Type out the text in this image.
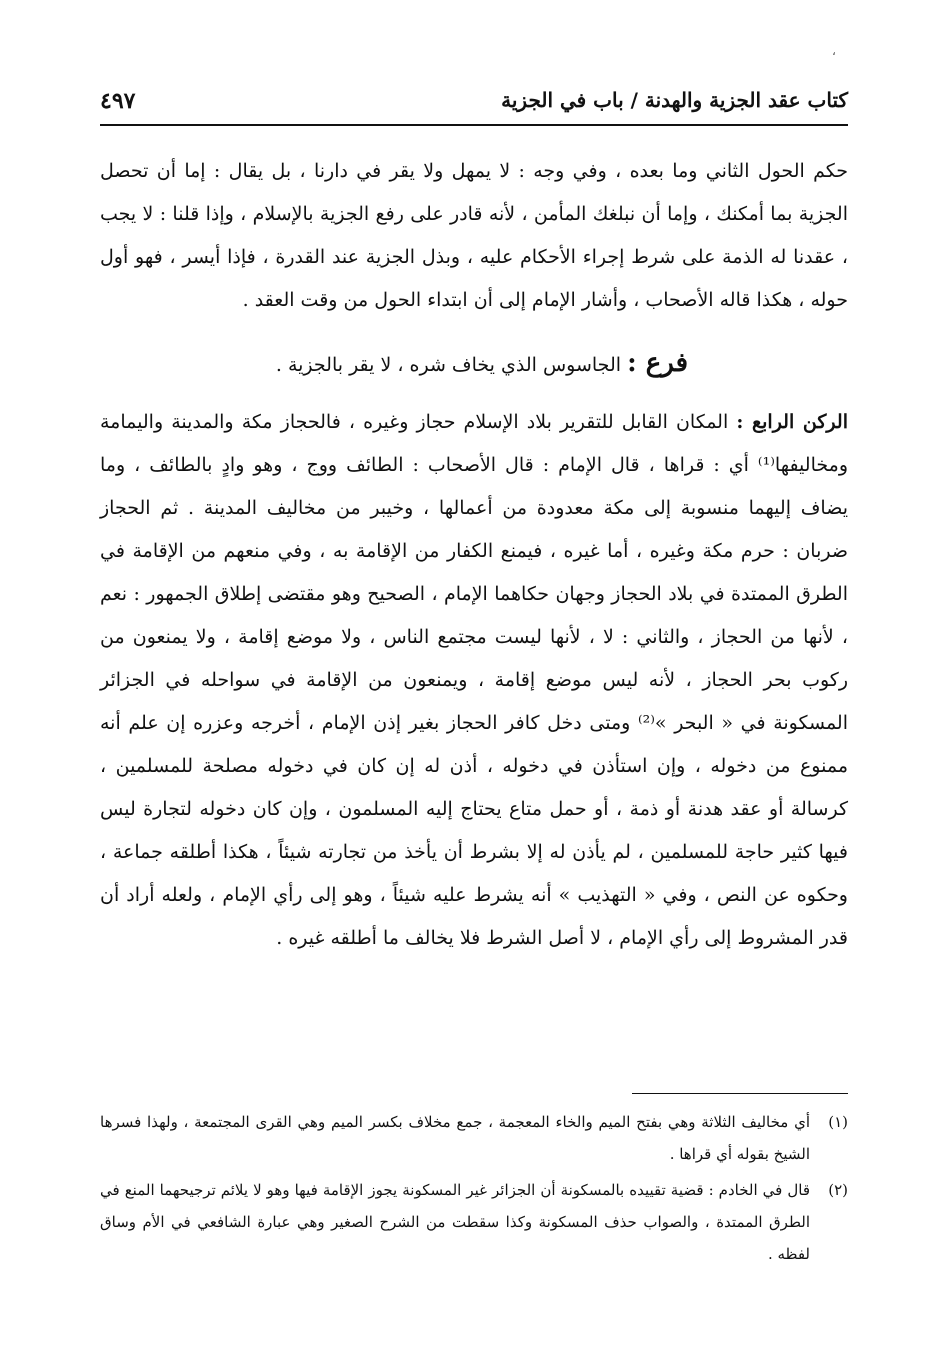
،
كتاب عقد الجزية والهدنة / باب في الجزية
٤٩٧

حكم الحول الثاني وما بعده ، وفي وجه : لا يمهل ولا يقر في دارنا ، بل يقال : إما أن تحصل الجزية بما أمكنك ، وإما أن نبلغك المأمن ، لأنه قادر على رفع الجزية بالإسلام ، وإذا قلنا : لا يجب ، عقدنا له الذمة على شرط إجراء الأحكام عليه ، وبذل الجزية عند القدرة ، فإذا أيسر ، فهو أول حوله ، هكذا قاله الأصحاب ، وأشار الإمام إلى أن ابتداء الحول من وقت العقد .

فرع : الجاسوس الذي يخاف شره ، لا يقر بالجزية .

الركن الرابع : المكان القابل للتقرير بلاد الإسلام حجاز وغيره ، فالحجاز مكة والمدينة واليمامة ومخاليفها⁽¹⁾ أي : قراها ، قال الإمام : قال الأصحاب : الطائف ووج ، وهو وادٍ بالطائف ، وما يضاف إليهما منسوبة إلى مكة معدودة من أعمالها ، وخيبر من مخاليف المدينة . ثم الحجاز ضربان : حرم مكة وغيره ، أما غيره ، فيمنع الكفار من الإقامة به ، وفي منعهم من الإقامة في الطرق الممتدة في بلاد الحجاز وجهان حكاهما الإمام ، الصحيح وهو مقتضى إطلاق الجمهور : نعم ، لأنها من الحجاز ، والثاني : لا ، لأنها ليست مجتمع الناس ، ولا موضع إقامة ، ولا يمنعون من ركوب بحر الحجاز ، لأنه ليس موضع إقامة ، ويمنعون من الإقامة في سواحله في الجزائر المسكونة في « البحر »⁽²⁾ ومتى دخل كافر الحجاز بغير إذن الإمام ، أخرجه وعزره إن علم أنه ممنوع من دخوله ، وإن استأذن في دخوله ، أذن له إن كان في دخوله مصلحة للمسلمين ، كرسالة أو عقد هدنة أو ذمة ، أو حمل متاع يحتاج إليه المسلمون ، وإن كان دخوله لتجارة ليس فيها كثير حاجة للمسلمين ، لم يأذن له إلا بشرط أن يأخذ من تجارته شيئاً ، هكذا أطلقه جماعة ، وحكوه عن النص ، وفي « التهذيب » أنه يشرط عليه شيئاً ، وهو إلى رأي الإمام ، ولعله أراد أن قدر المشروط إلى رأي الإمام ، لا أصل الشرط فلا يخالف ما أطلقه غيره .

(١)
أي مخاليف الثلاثة وهي بفتح الميم والخاء المعجمة ، جمع مخلاف بكسر الميم وهي القرى المجتمعة ، ولهذا فسرها الشيخ بقوله أي قراها .

(٢)
قال في الخادم : قضية تقييده بالمسكونة أن الجزائر غير المسكونة يجوز الإقامة فيها وهو لا يلائم ترجيحهما المنع في الطرق الممتدة ، والصواب حذف المسكونة وكذا سقطت من الشرح الصغير وهي عبارة الشافعي في الأم وساق لفظه .
